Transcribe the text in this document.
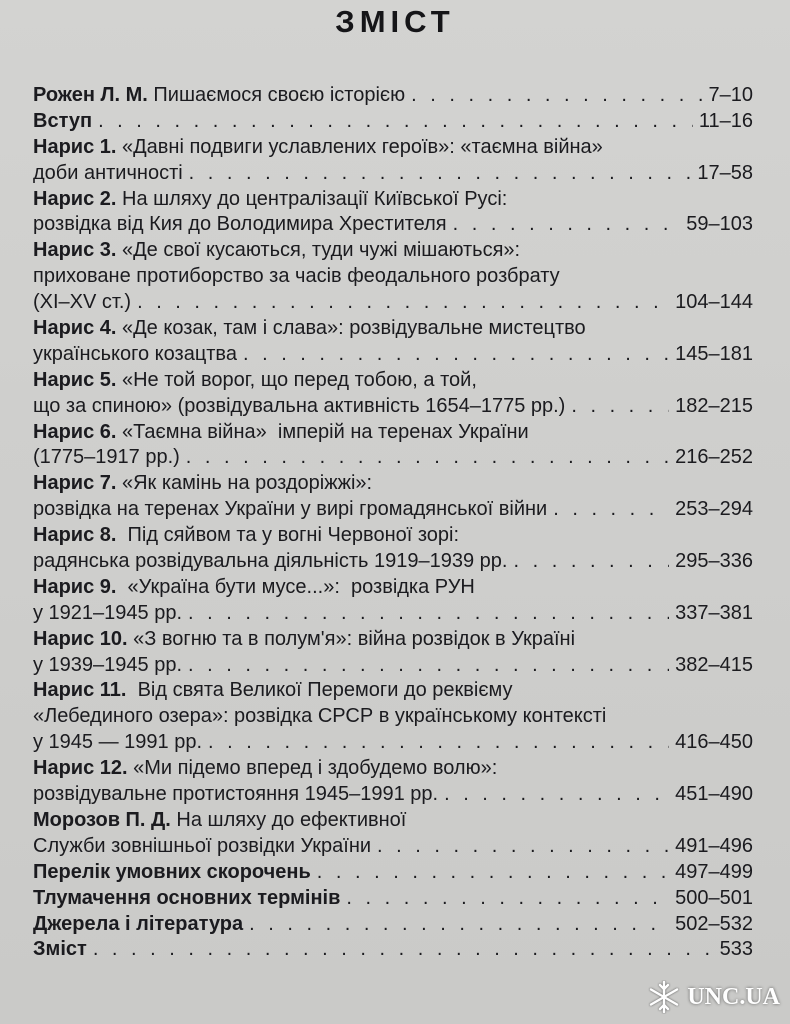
ЗМІСТ
Рожен Л. М. Пишаємося своєю історією . . .	7–10
Вступ . . .	11–16
Нарис 1. «Давні подвиги уславлених героїв»: «таємна війна»
доби античності . . .	17–58
Нарис 2. На шляху до централізації Київської Русі:
розвідка від Кия до Володимира Хрестителя . . .	59–103
Нарис 3. «Де свої кусаються, туди чужі мішаються»:
приховане протиборство за часів феодального розбрату
(XI–XV ст.) . . .	104–144
Нарис 4. «Де козак, там і слава»: розвідувальне мистецтво
українського козацтва . . .	145–181
Нарис 5. «Не той ворог, що перед тобою, а той,
що за спиною» (розвідувальна активність 1654–1775 рр.) . . .	182–215
Нарис 6. «Таємна війна»  імперій на теренах України
(1775–1917 рр.) . . .	216–252
Нарис 7. «Як камінь на роздоріжжі»:
розвідка на теренах України у вирі громадянської війни . . .	253–294
Нарис 8.  Під сяйвом та у вогні Червоної зорі:
радянська розвідувальна діяльність 1919–1939 рр. . . .	295–336
Нарис 9.  «Україна бути мусе...»:  розвідка РУН
у 1921–1945 рр. . . .	337–381
Нарис 10. «З вогню та в полум'я»: війна розвідок в Україні
у 1939–1945 рр. . . .	382–415
Нарис 11.  Від свята Великої Перемоги до реквієму
«Лебединого озера»: розвідка СРСР в українському контексті
у 1945 — 1991 рр. . . .	416–450
Нарис 12. «Ми підемо вперед і здобудемо волю»:
розвідувальне протистояння 1945–1991 рр. . . .	451–490
Морозов П. Д. На шляху до ефективної
Служби зовнішньої розвідки України . . .	491–496
Перелік умовних скорочень . . .	497–499
Тлумачення основних термінів . . .	500–501
Джерела і література . . .	502–532
Зміст . . .	533
UNC.UA
